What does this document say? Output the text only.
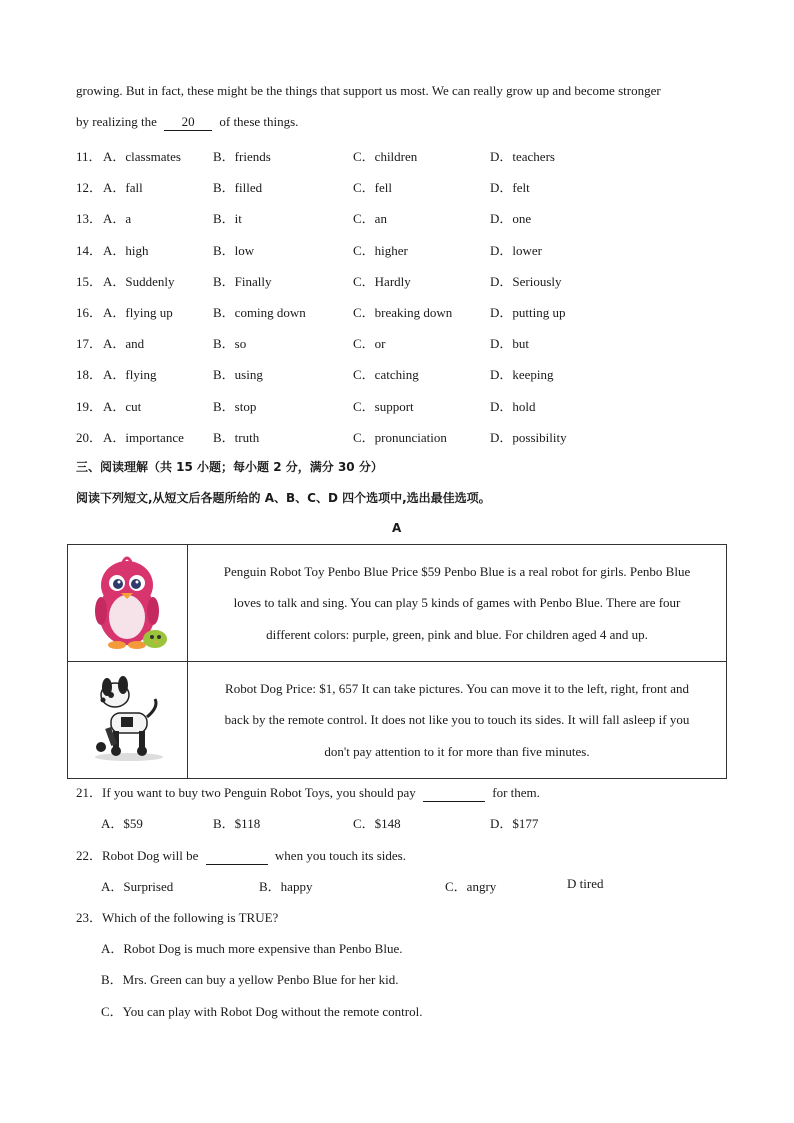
growing. But in fact, these might be the things that support us most. We can really grow up and become stronger
by realizing the 20 of these things.
11． A．classmates B．friends	C．children	D．teachers
12． A．fall	B．filled	C．fell	D．felt
13． A．a	B．it	C．an	D．one
14． A．high	B．low	C．higher	D．lower
15． A．Suddenly	B．Finally	C．Hardly	D．Seriously
16． A．flying up	B．coming down	C．breaking down	D．putting up
17． A．and	B．so	C．or	D．but
18． A．flying	B．using	C．catching	D．keeping
19． A．cut	B．stop	C．support	D．hold
20． A．importance B．truth	C．pronunciation	D．possibility
三、阅读理解（共 15 小题；每小题 2 分，满分 30 分）
阅读下列短文,从短文后各题所给的 A、B、C、D 四个选项中,选出最佳选项。
A

Penguin Robot Toy Penbo Blue Price $59 Penbo Blue is a real robot for girls. Penbo Blue
loves to talk and sing. You can play 5 kinds of games with Penbo Blue. There are four
different colors: purple, green, pink and blue. For children aged 4 and up.

Robot Dog Price: $1, 657 It can take pictures. You can move it to the left, right, front and
back by the remote control. It does not like you to touch its sides. It will fall asleep if you
don't pay attention to it for more than five minutes.
21．If you want to buy two Penguin Robot Toys, you should pay	for them.
A．$59	B．$118	C．$148	D．$177
22．Robot Dog will be	when you touch its sides.
A．Surprised	B．happy	C．angry	D tired
23．Which of the following is TRUE?
A．Robot Dog is much more expensive than Penbo Blue.
B．Mrs. Green can buy a yellow Penbo Blue for her kid.
C．You can play with Robot Dog without the remote control.
